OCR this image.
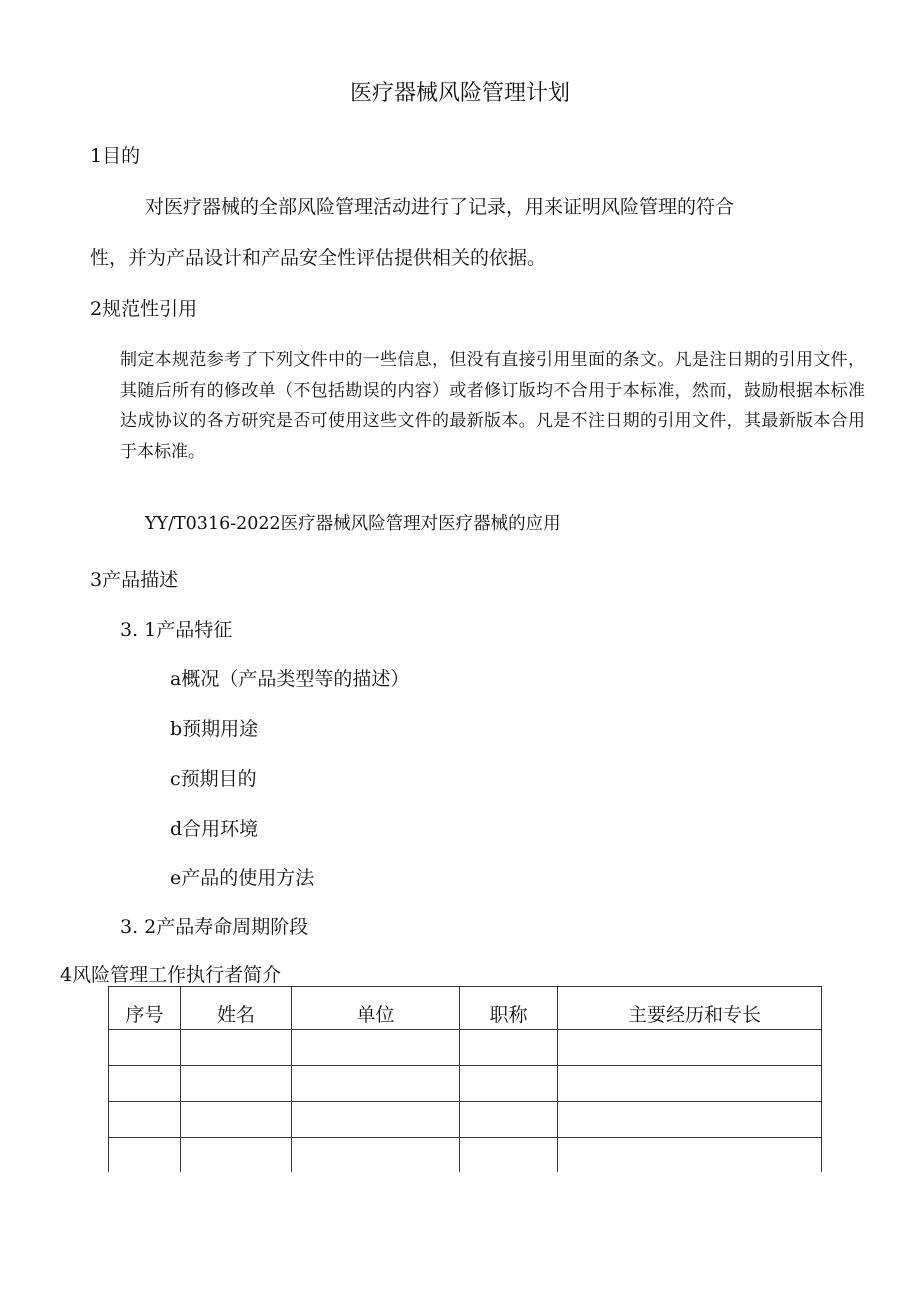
医疗器械风险管理计划
1目的
对医疗器械的全部风险管理活动进行了记录，用来证明风险管理的符合
性，并为产品设计和产品安全性评估提供相关的依据。
2规范性引用
制定本规范参考了下列文件中的一些信息，但没有直接引用里面的条文。凡是注日期的引用文件，其随后所有的修改单（不包括勘误的内容）或者修订版均不合用于本标准，然而，鼓励根据本标准达成协议的各方研究是否可使用这些文件的最新版本。凡是不注日期的引用文件，其最新版本合用于本标准。
YY/T0316-2022医疗器械风险管理对医疗器械的应用
3产品描述
3. 1产品特征
a概况（产品类型等的描述）
b预期用途
c预期目的
d合用环境
e产品的使用方法
3. 2产品寿命周期阶段
4风险管理工作执行者简介
序号	姓名	单位	职称	主要经历和专长
